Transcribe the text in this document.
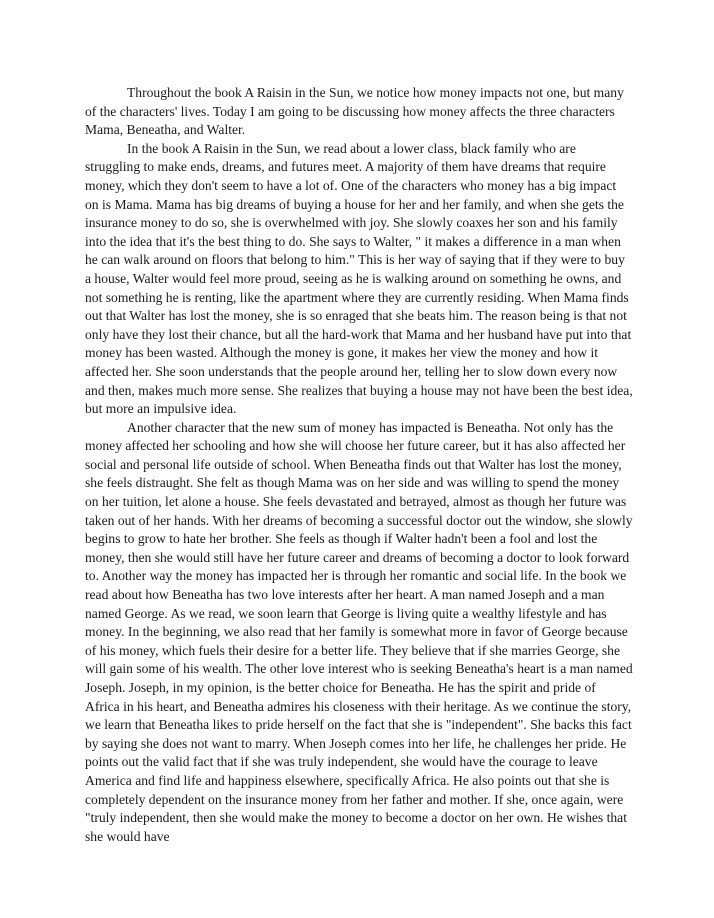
Throughout the book A Raisin in the Sun, we notice how money impacts not one, but many of the characters' lives. Today I am going to be discussing how money affects the three characters Mama, Beneatha, and Walter.

In the book A Raisin in the Sun, we read about a lower class, black family who are struggling to make ends, dreams, and futures meet. A majority of them have dreams that require money, which they don't seem to have a lot of. One of the characters who money has a big impact on is Mama. Mama has big dreams of buying a house for her and her family, and when she gets the insurance money to do so, she is overwhelmed with joy. She slowly coaxes her son and his family into the idea that it's the best thing to do. She says to Walter, " it makes a difference in a man when he can walk around on floors that belong to him." This is her way of saying that if they were to buy a house, Walter would feel more proud, seeing as he is walking around on something he owns, and not something he is renting, like the apartment where they are currently residing. When Mama finds out that Walter has lost the money, she is so enraged that she beats him. The reason being is that not only have they lost their chance, but all the hard-work that Mama and her husband have put into that money has been wasted. Although the money is gone, it makes her view the money and how it affected her. She soon understands that the people around her, telling her to slow down every now and then, makes much more sense. She realizes that buying a house may not have been the best idea, but more an impulsive idea.

Another character that the new sum of money has impacted is Beneatha. Not only has the money affected her schooling and how she will choose her future career, but it has also affected her social and personal life outside of school. When Beneatha finds out that Walter has lost the money, she feels distraught. She felt as though Mama was on her side and was willing to spend the money on her tuition, let alone a house. She feels devastated and betrayed, almost as though her future was taken out of her hands. With her dreams of becoming a successful doctor out the window, she slowly begins to grow to hate her brother. She feels as though if Walter hadn't been a fool and lost the money, then she would still have her future career and dreams of becoming a doctor to look forward to. Another way the money has impacted her is through her romantic and social life. In the book we read about how Beneatha has two love interests after her heart. A man named Joseph and a man named George. As we read, we soon learn that George is living quite a wealthy lifestyle and has money. In the beginning, we also read that her family is somewhat more in favor of George because of his money, which fuels their desire for a better life. They believe that if she marries George, she will gain some of his wealth. The other love interest who is seeking Beneatha's heart is a man named Joseph. Joseph, in my opinion, is the better choice for Beneatha. He has the spirit and pride of Africa in his heart, and Beneatha admires his closeness with their heritage. As we continue the story, we learn that Beneatha likes to pride herself on the fact that she is "independent". She backs this fact by saying she does not want to marry. When Joseph comes into her life, he challenges her pride. He points out the valid fact that if she was truly independent, she would have the courage to leave America and find life and happiness elsewhere, specifically Africa. He also points out that she is completely dependent on the insurance money from her father and mother. If she, once again, were "truly independent, then she would make the money to become a doctor on her own. He wishes that she would have
